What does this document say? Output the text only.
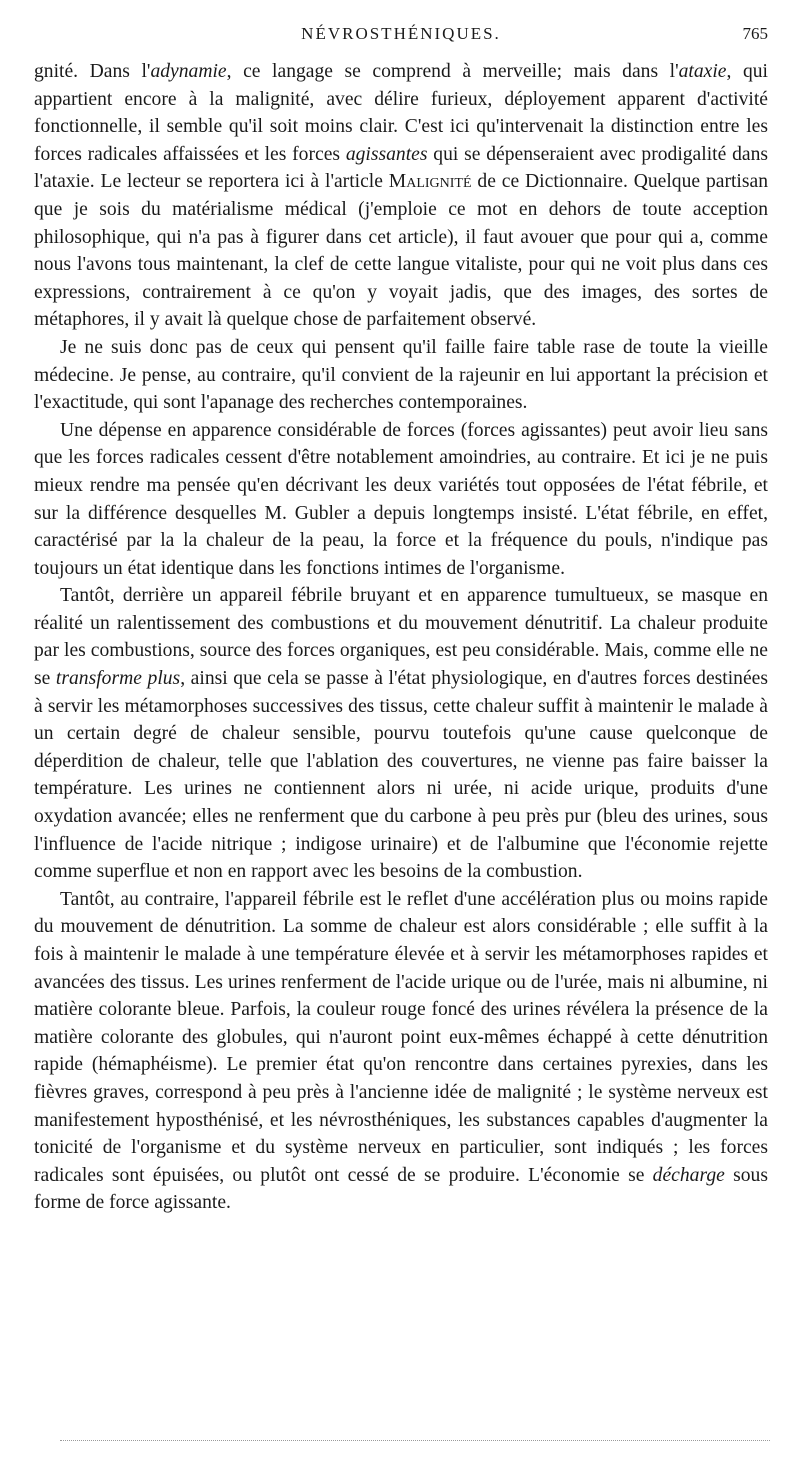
NÉVROSTHÉNIQUES.	765

gnité. Dans l'adynamie, ce langage se comprend à merveille; mais dans l'ataxie, qui appartient encore à la malignité, avec délire furieux, déployement apparent d'activité fonctionnelle, il semble qu'il soit moins clair. C'est ici qu'intervenait la distinction entre les forces radicales affaissées et les forces agissantes qui se dépenseraient avec prodigalité dans l'ataxie. Le lecteur se reportera ici à l'article Malignité de ce Dictionnaire. Quelque partisan que je sois du matérialisme médical (j'emploie ce mot en dehors de toute acception philosophique, qui n'a pas à figurer dans cet article), il faut avouer que pour qui a, comme nous l'avons tous maintenant, la clef de cette langue vitaliste, pour qui ne voit plus dans ces expressions, contrairement à ce qu'on y voyait jadis, que des images, des sortes de métaphores, il y avait là quelque chose de parfaitement observé.

Je ne suis donc pas de ceux qui pensent qu'il faille faire table rase de toute la vieille médecine. Je pense, au contraire, qu'il convient de la rajeunir en lui apportant la précision et l'exactitude, qui sont l'apanage des recherches contemporaines.

Une dépense en apparence considérable de forces (forces agissantes) peut avoir lieu sans que les forces radicales cessent d'être notablement amoindries, au contraire. Et ici je ne puis mieux rendre ma pensée qu'en décrivant les deux variétés tout opposées de l'état fébrile, et sur la différence desquelles M. Gubler a depuis longtemps insisté. L'état fébrile, en effet, caractérisé par la la chaleur de la peau, la force et la fréquence du pouls, n'indique pas toujours un état identique dans les fonctions intimes de l'organisme.

Tantôt, derrière un appareil fébrile bruyant et en apparence tumultueux, se masque en réalité un ralentissement des combustions et du mouvement dénutritif. La chaleur produite par les combustions, source des forces organiques, est peu considérable. Mais, comme elle ne se transforme plus, ainsi que cela se passe à l'état physiologique, en d'autres forces destinées à servir les métamorphoses successives des tissus, cette chaleur suffit à maintenir le malade à un certain degré de chaleur sensible, pourvu toutefois qu'une cause quelconque de déperdition de chaleur, telle que l'ablation des couvertures, ne vienne pas faire baisser la température. Les urines ne contiennent alors ni urée, ni acide urique, produits d'une oxydation avancée; elles ne renferment que du carbone à peu près pur (bleu des urines, sous l'influence de l'acide nitrique ; indigose urinaire) et de l'albumine que l'économie rejette comme superflue et non en rapport avec les besoins de la combustion.

Tantôt, au contraire, l'appareil fébrile est le reflet d'une accélération plus ou moins rapide du mouvement de dénutrition. La somme de chaleur est alors considérable ; elle suffit à la fois à maintenir le malade à une température élevée et à servir les métamorphoses rapides et avancées des tissus. Les urines renferment de l'acide urique ou de l'urée, mais ni albumine, ni matière colorante bleue. Parfois, la couleur rouge foncé des urines révélera la présence de la matière colorante des globules, qui n'auront point eux-mêmes échappé à cette dénutrition rapide (hémaphéisme). Le premier état qu'on rencontre dans certaines pyrexies, dans les fièvres graves, correspond à peu près à l'ancienne idée de malignité ; le système nerveux est manifestement hyposthénisé, et les névrosthéniques, les substances capables d'augmenter la tonicité de l'organisme et du système nerveux en particulier, sont indiqués ; les forces radicales sont épuisées, ou plutôt ont cessé de se produire. L'économie se décharge sous forme de force agissante.
